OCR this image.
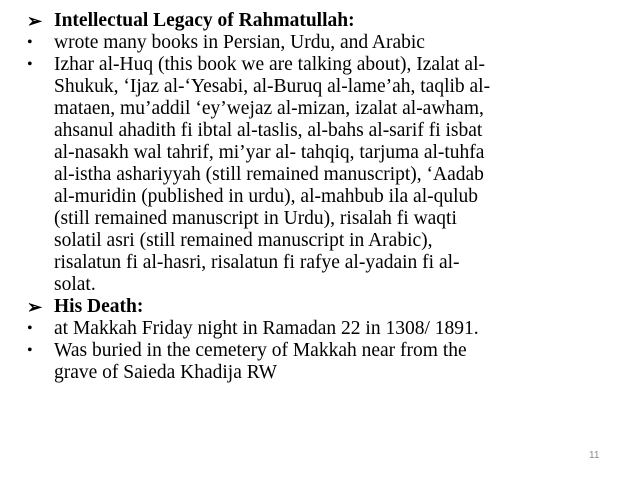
➢ Intellectual Legacy of Rahmatullah:
•	wrote many books in Persian, Urdu, and Arabic
•	Izhar al-Huq (this book we are talking about), Izalat al-
Shukuk, ‘Ijaz al-‘Yesabi, al-Buruq al-lame’ah, taqlib al-
mataen, mu’addil ‘ey’wejaz al-mizan, izalat al-awham,
ahsanul ahadith fi ibtal al-taslis, al-bahs al-sarif fi isbat
al-nasakh wal tahrif, mi’yar al- tahqiq, tarjuma al-tuhfa
al-istha ashariyyah (still remained manuscript), ‘Aadab
al-muridin (published in urdu), al-mahbub ila al-qulub
(still remained manuscript in Urdu), risalah fi waqti
solatil asri (still remained manuscript in Arabic),
risalatun fi al-hasri, risalatun fi rafye al-yadain fi al-
solat.
➢ His Death:
•	at Makkah Friday night in Ramadan 22 in 1308/ 1891.
•	Was buried in the cemetery of Makkah near from the
grave of Saieda Khadija RW
11
